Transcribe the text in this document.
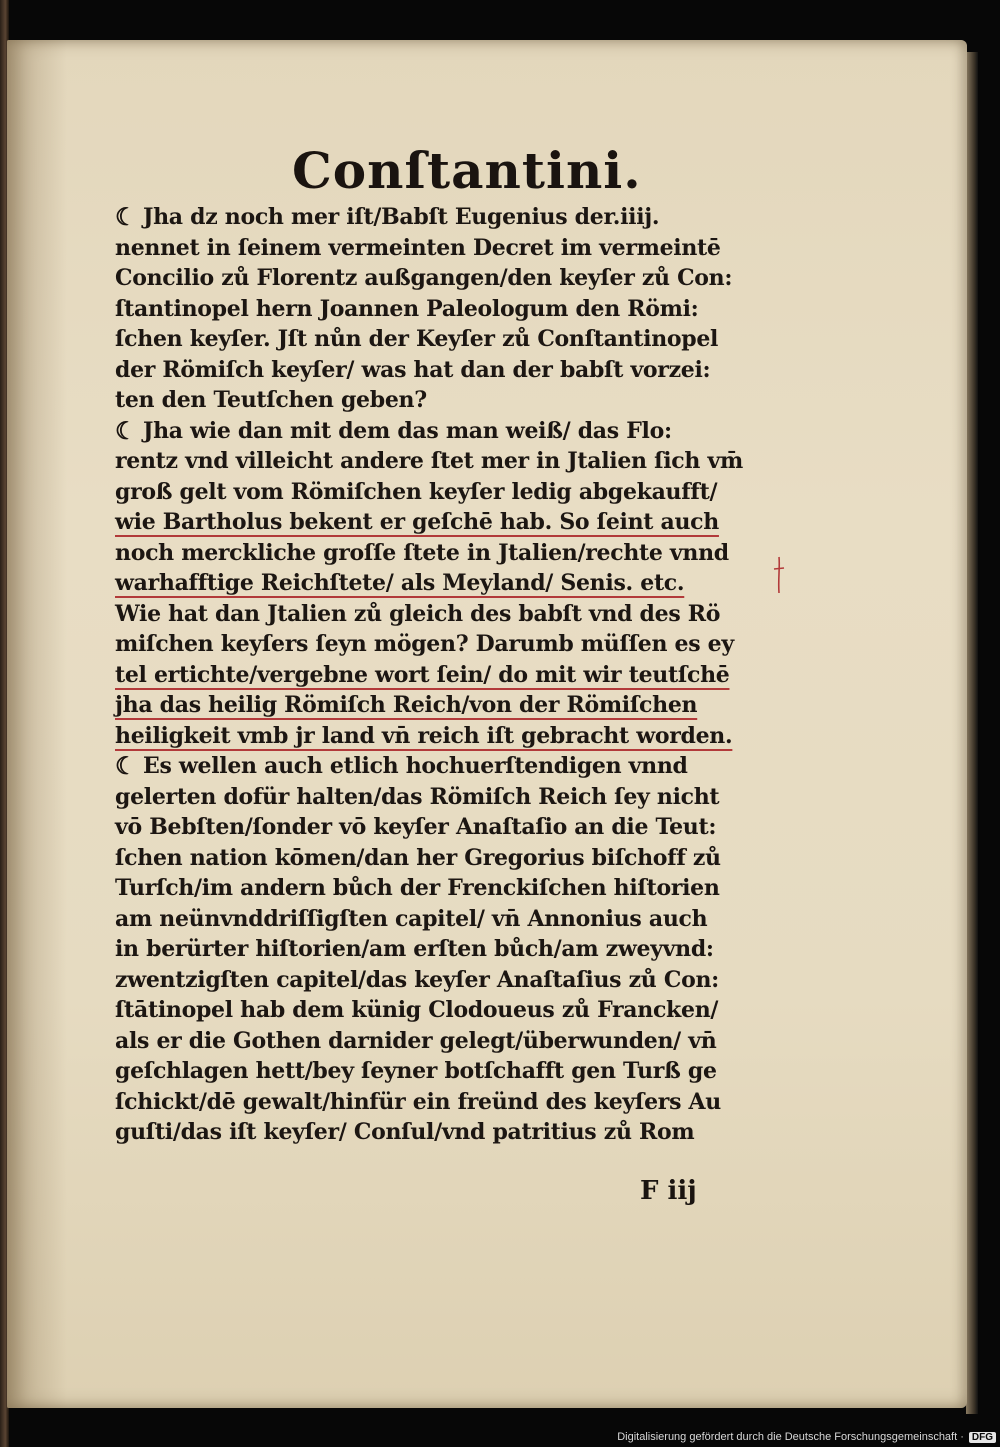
Conſtantini.
☾ Jha dz noch mer iſt/Babſt Eugenius der.iiij.
nennet in ſeinem vermeinten Decret im vermeintē
Concilio zů Florentz außgangen/den keyſer zů Con:
ſtantinopel hern Joannen Paleologum den Römi:
ſchen keyſer. Jſt nůn der Keyſer zů Conſtantinopel
der Römiſch keyſer/ was hat dan der babſt vorzei:
ten den Teutſchen geben?
☾ Jha wie dan mit dem das man weiß/ das Flo:
rentz vnd villeicht andere ſtet mer in Jtalien ſich vm̄
groß gelt vom Römiſchen keyſer ledig abgekaufft/
wie Bartholus bekent er geſchē hab. So ſeint auch
noch merckliche groſſe ſtete in Jtalien/rechte vnnd
warhafftige Reichſtete/ als Meyland/ Senis. etc.
Wie hat dan Jtalien zů gleich des babſt vnd des Rö
miſchen keyſers ſeyn mögen? Darumb müſſen es ey
tel ertichte/vergebne wort ſein/ do mit wir teutſchē
jha das heilig Römiſch Reich/von der Römiſchen
heiligkeit vmb jr land vn̄ reich iſt gebracht worden.
☾ Es wellen auch etlich hochuerſtendigen vnnd
gelerten dofür halten/das Römiſch Reich ſey nicht
vō Bebſten/ſonder vō keyſer Anaſtaſio an die Teut:
ſchen nation kōmen/dan her Gregorius biſchoff zů
Turſch/im andern bůch der Frenckiſchen hiſtorien
am neünvnddriſſigſten capitel/ vn̄ Annonius auch
in berürter hiſtorien/am erſten bůch/am zweyvnd:
zwentzigſten capitel/das keyſer Anaſtaſius zů Con:
ſtātinopel hab dem künig Clodoueus zů Francken/
als er die Gothen darnider gelegt/überwunden/ vn̄
geſchlagen hett/bey ſeyner botſchafft gen Turß ge
ſchickt/dē gewalt/hinfür ein freünd des keyſers Au
guſti/das iſt keyſer/ Conſul/vnd patritius zů Rom
F iij
Digitalisierung gefördert durch die Deutsche Forschungsgemeinschaft · DFG
